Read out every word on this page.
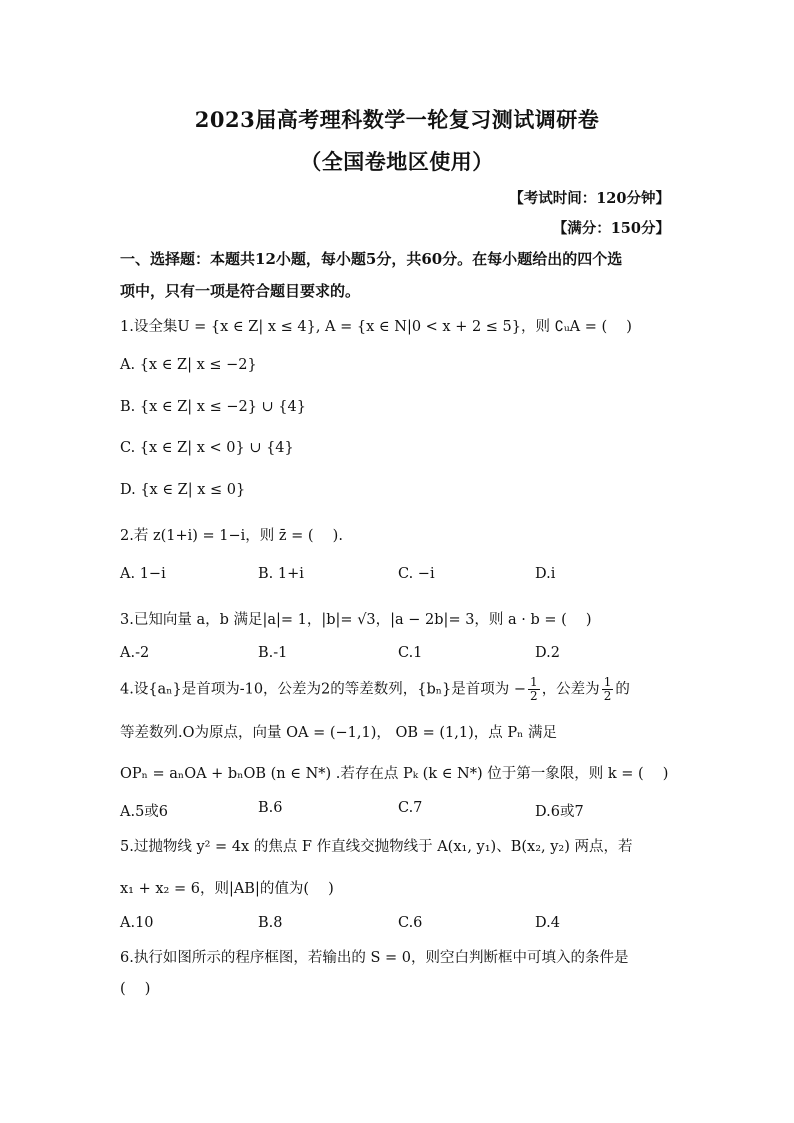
2023届高考理科数学一轮复习测试调研卷
（全国卷地区使用）
【考试时间：120分钟】
【满分：150分】
一、选择题：本题共12小题，每小题5分，共60分。在每小题给出的四个选
项中，只有一项是符合题目要求的。
1.设全集U = {x ∈ Z| x ≤ 4}, A = {x ∈ N|0 < x + 2 ≤ 5}，则 ∁ᵤA = (　 )
A. {x ∈ Z| x ≤ −2}
B. {x ∈ Z| x ≤ −2} ∪ {4}
C. {x ∈ Z| x < 0} ∪ {4}
D. {x ∈ Z| x ≤ 0}
2.若 z(1+i) = 1−i，则 z̄ = (　 ).
A. 1−i	B. 1+i	C. −i	D.i
3.已知向量 a，b 满足|a|= 1，|b|= √3，|a − 2b|= 3，则 a · b = (　 )
A.-2	B.-1	C.1	D.2
4.设{aₙ}是首项为-10，公差为2的等差数列，{bₙ}是首项为 − $\frac{1}{2}$ ，公差为 $\frac{1}{2}$ 的
等差数列.O为原点，向量 OA = (−1,1)， OB = (1,1)，点 Pₙ 满足
OPₙ = aₙOA + bₙOB (n ∈ N*) .若存在点 Pₖ (k ∈ N*) 位于第一象限，则 k = (　 )
A.5或6	B.6	C.7	D.6或7
5.过抛物线 y² = 4x 的焦点 F 作直线交抛物线于 A(x₁, y₁)、B(x₂, y₂) 两点，若
x₁ + x₂ = 6，则|AB|的值为(　 )
A.10	B.8	C.6	D.4
6.执行如图所示的程序框图，若输出的 S = 0，则空白判断框中可填入的条件是
(　 )
